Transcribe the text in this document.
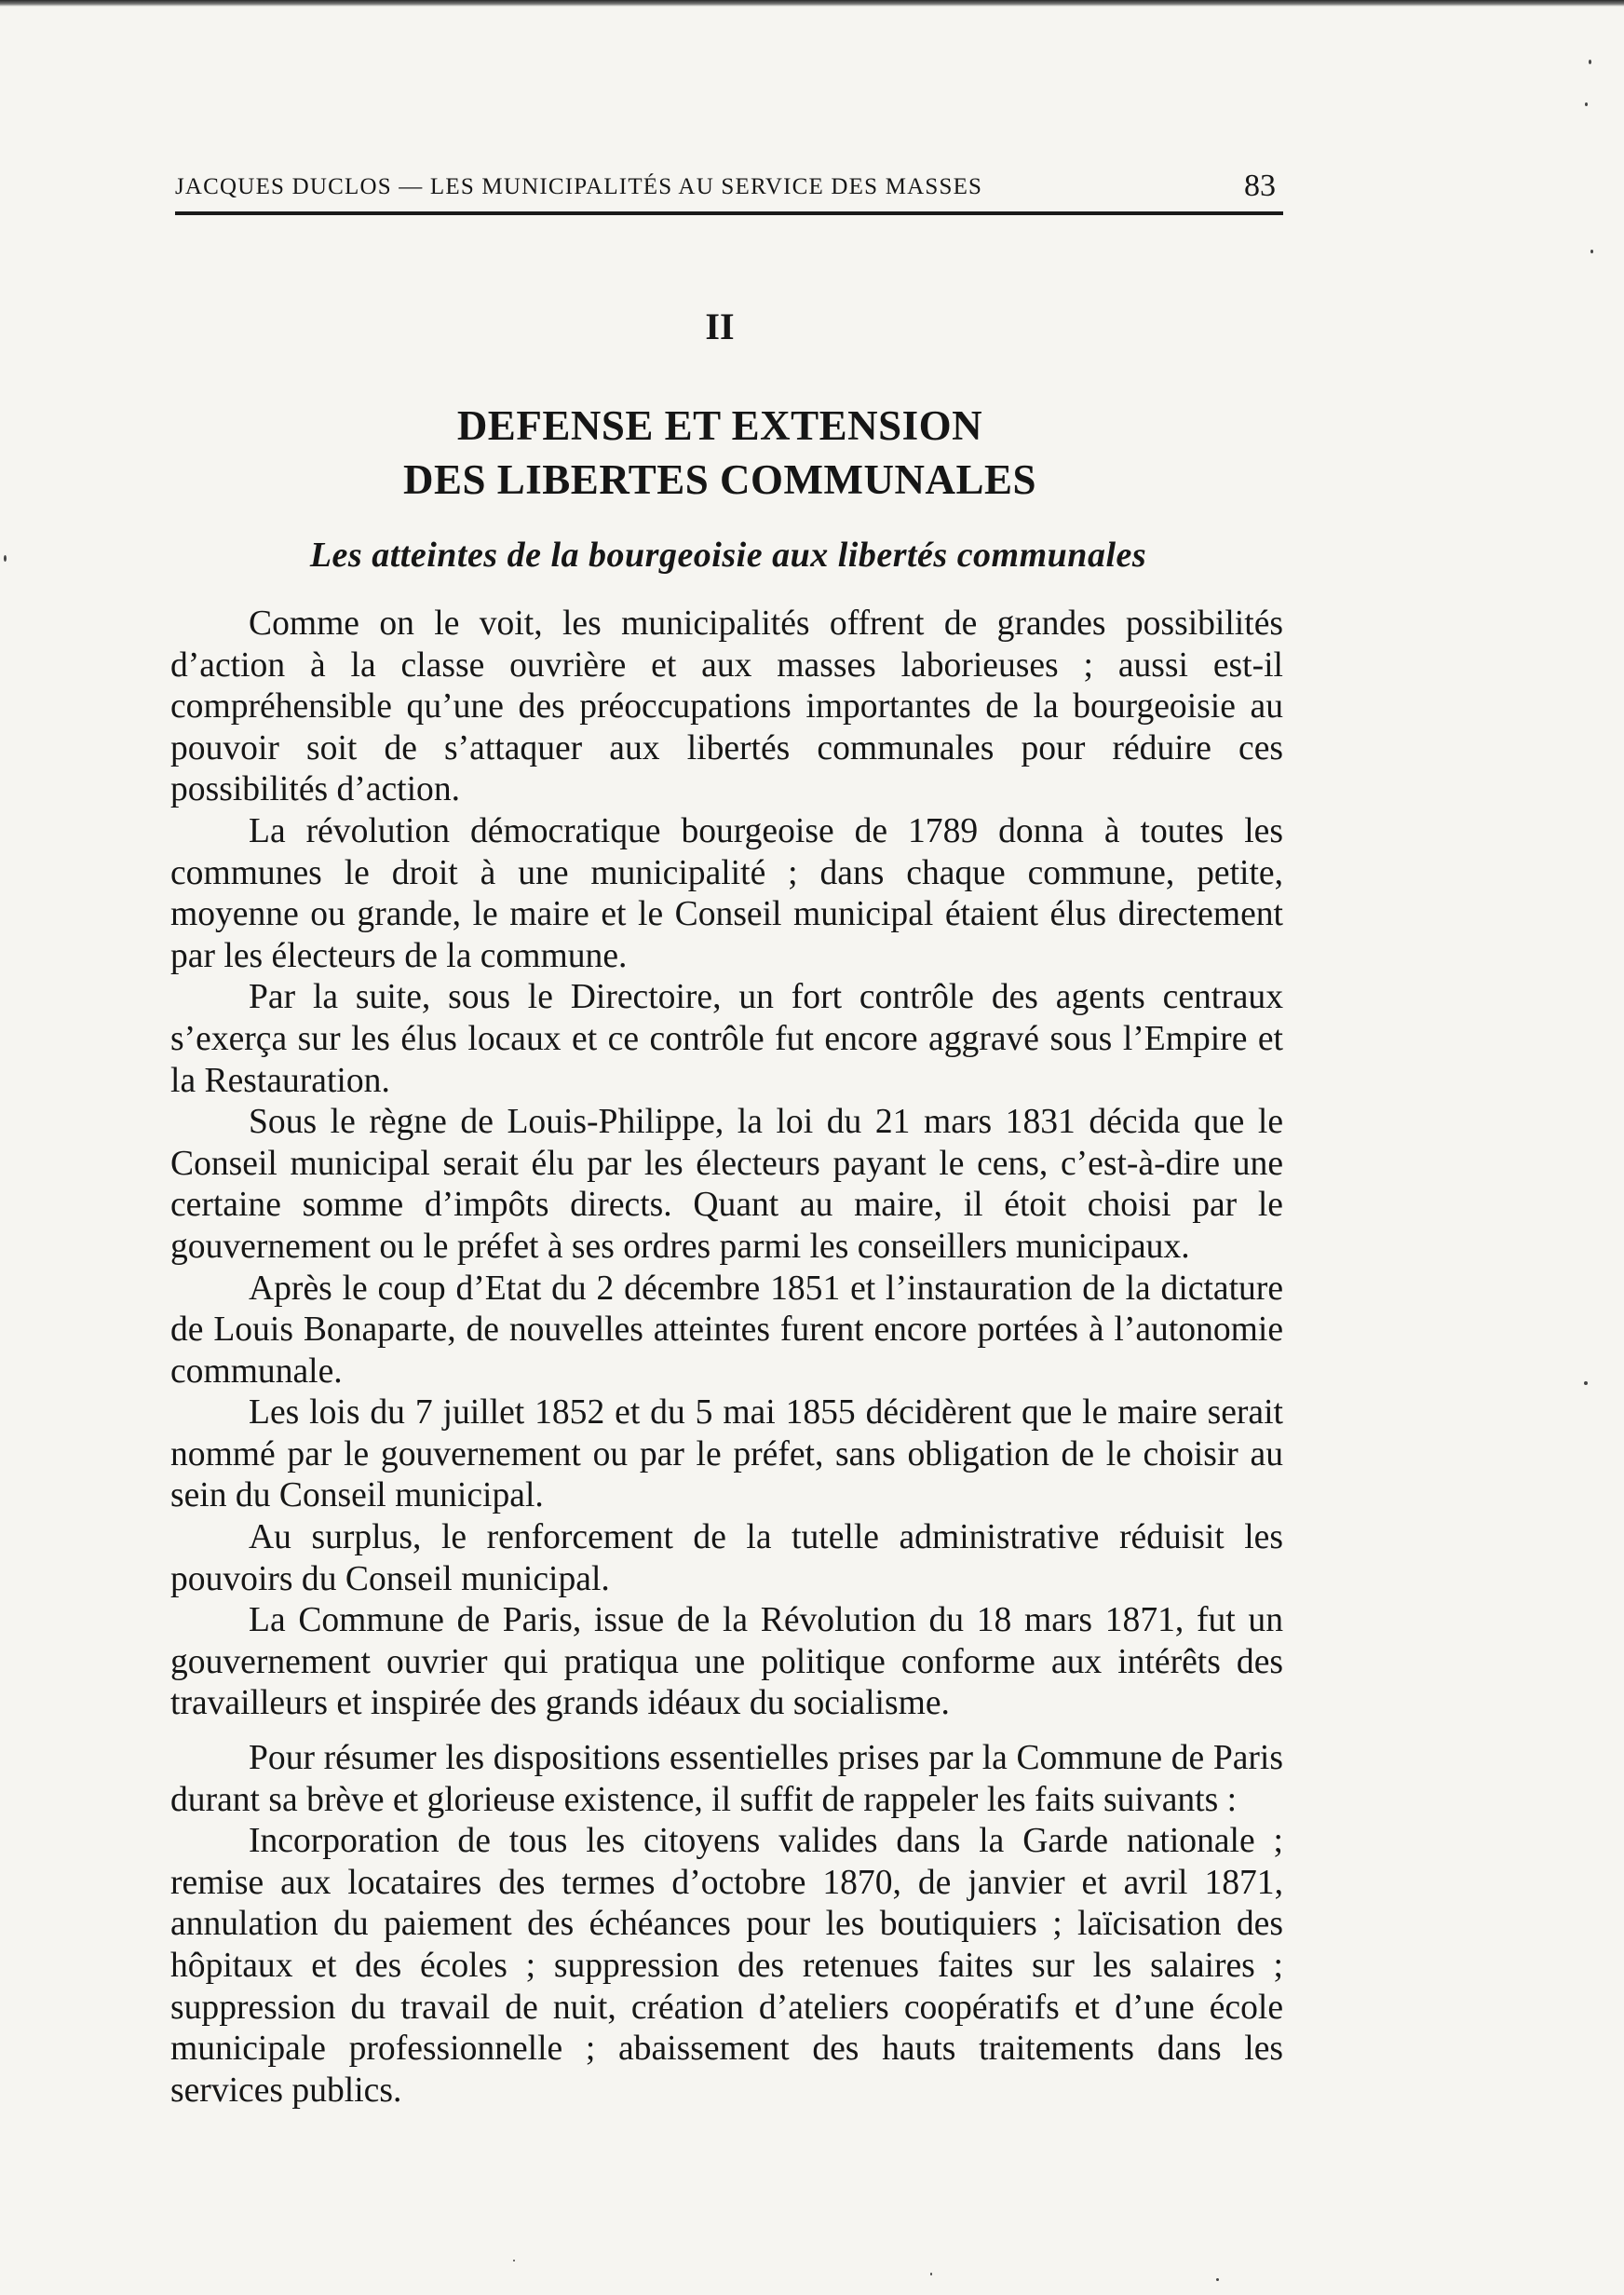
JACQUES DUCLOS — LES MUNICIPALITÉS AU SERVICE DES MASSES	83
II
DEFENSE ET EXTENSION
DES LIBERTES COMMUNALES
Les atteintes de la bourgeoisie aux libertés communales

Comme on le voit, les municipalités offrent de grandes possibilités d’action à la classe ouvrière et aux masses laborieuses ; aussi est-il compréhensible qu’une des préoccupations importantes de la bourgeoisie au pouvoir soit de s’attaquer aux libertés communales pour réduire ces possibilités d’action.

La révolution démocratique bourgeoise de 1789 donna à toutes les communes le droit à une municipalité ; dans chaque commune, petite, moyenne ou grande, le maire et le Conseil municipal étaient élus directement par les électeurs de la commune.

Par la suite, sous le Directoire, un fort contrôle des agents centraux s’exerça sur les élus locaux et ce contrôle fut encore aggravé sous l’Empire et la Restauration.

Sous le règne de Louis-Philippe, la loi du 21 mars 1831 décida que le Conseil municipal serait élu par les électeurs payant le cens, c’est-à-dire une certaine somme d’impôts directs. Quant au maire, il étoit choisi par le gouvernement ou le préfet à ses ordres parmi les conseillers municipaux.

Après le coup d’Etat du 2 décembre 1851 et l’instauration de la dictature de Louis Bonaparte, de nouvelles atteintes furent encore portées à l’autonomie communale.

Les lois du 7 juillet 1852 et du 5 mai 1855 décidèrent que le maire serait nommé par le gouvernement ou par le préfet, sans obligation de le choisir au sein du Conseil municipal.

Au surplus, le renforcement de la tutelle administrative réduisit les pouvoirs du Conseil municipal.

La Commune de Paris, issue de la Révolution du 18 mars 1871, fut un gouvernement ouvrier qui pratiqua une politique conforme aux intérêts des travailleurs et inspirée des grands idéaux du socialisme.

Pour résumer les dispositions essentielles prises par la Commune de Paris durant sa brève et glorieuse existence, il suffit de rappeler les faits suivants :

Incorporation de tous les citoyens valides dans la Garde nationale ; remise aux locataires des termes d’octobre 1870, de janvier et avril 1871, annulation du paiement des échéances pour les boutiquiers ; laïcisation des hôpitaux et des écoles ; suppression des retenues faites sur les salaires ; suppression du travail de nuit, création d’ateliers coopératifs et d’une école municipale professionnelle ; abaissement des hauts traitements dans les services publics.
